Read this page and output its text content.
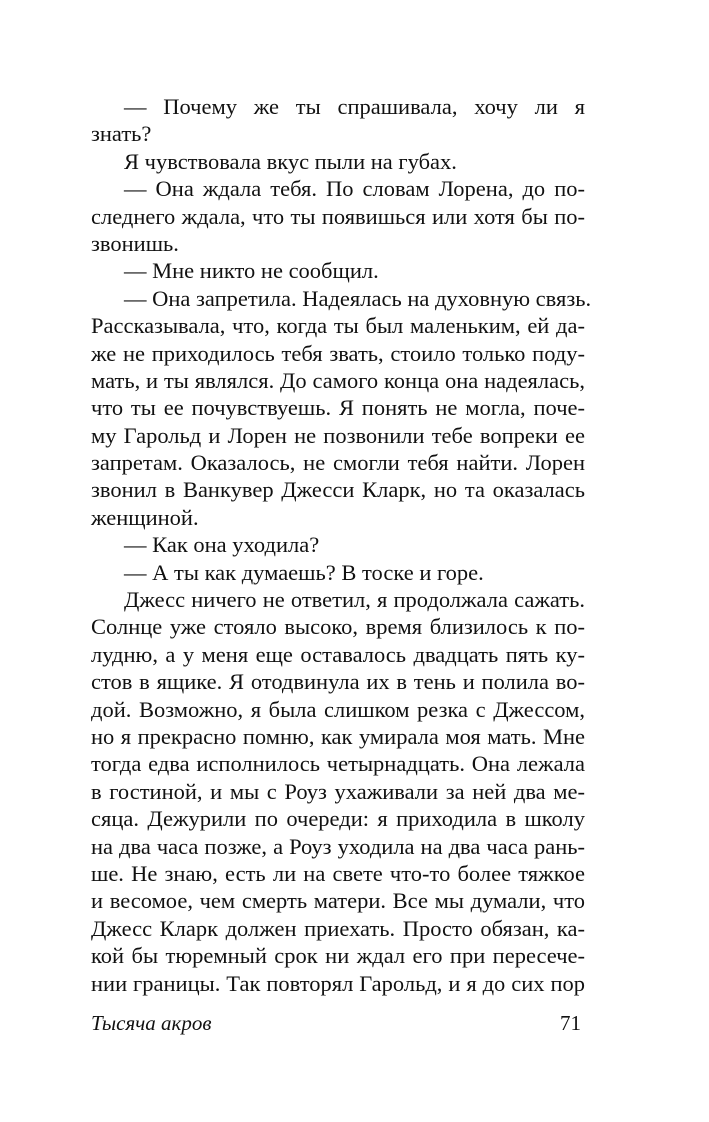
— Почему же ты спрашивала, хочу ли я
знать?
Я чувствовала вкус пыли на губах.
— Она ждала тебя. По словам Лорена, до по-
следнего ждала, что ты появишься или хотя бы по-
звонишь.
— Мне никто не сообщил.
— Она запретила. Надеялась на духовную связь.
Рассказывала, что, когда ты был маленьким, ей да-
же не приходилось тебя звать, стоило только поду-
мать, и ты являлся. До самого конца она надеялась,
что ты ее почувствуешь. Я понять не могла, поче-
му Гарольд и Лорен не позвонили тебе вопреки ее
запретам. Оказалось, не смогли тебя найти. Лорен
звонил в Ванкувер Джесси Кларк, но та оказалась
женщиной.
— Как она уходила?
— А ты как думаешь? В тоске и горе.
Джесс ничего не ответил, я продолжала сажать.
Солнце уже стояло высоко, время близилось к по-
лудню, а у меня еще оставалось двадцать пять ку-
стов в ящике. Я отодвинула их в тень и полила во-
дой. Возможно, я была слишком резка с Джессом,
но я прекрасно помню, как умирала моя мать. Мне
тогда едва исполнилось четырнадцать. Она лежала
в гостиной, и мы с Роуз ухаживали за ней два ме-
сяца. Дежурили по очереди: я приходила в школу
на два часа позже, а Роуз уходила на два часа рань-
ше. Не знаю, есть ли на свете что-то более тяжкое
и весомое, чем смерть матери. Все мы думали, что
Джесс Кларк должен приехать. Просто обязан, ка-
кой бы тюремный срок ни ждал его при пересече-
нии границы. Так повторял Гарольд, и я до сих пор
Тысяча акров	71
